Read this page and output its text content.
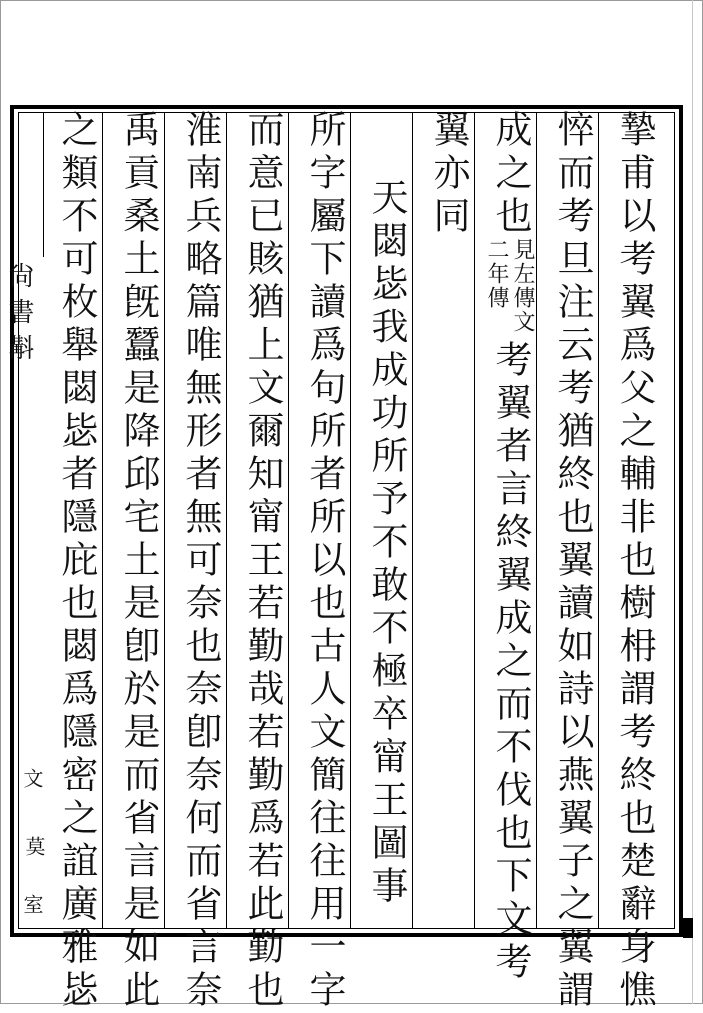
摯甫以考翼爲父之輔非也樹枏謂考終也楚辭身憔
悴而考旦注云考猶終也翼讀如詩以燕翼子之翼謂
成之也
見左傳文
二年傳
考翼者言終翼成之而不伐也下文考
翼亦同
天閟毖我成功所予不敢不極卒甯王圖事
所字屬下讀爲句所者所以也古人文簡往往用一字
而意已賅猶上文爾知甯王若勤哉若勤爲若此勤也
淮南兵略篇唯無形者無可奈也奈卽奈何而省言奈
禹貢桑土旣蠶是降邱宅土是卽於是而省言是如此
之類不可枚舉閟毖者隱庇也閟爲隱密之誼廣雅毖
尙書斠
文
莫
室
